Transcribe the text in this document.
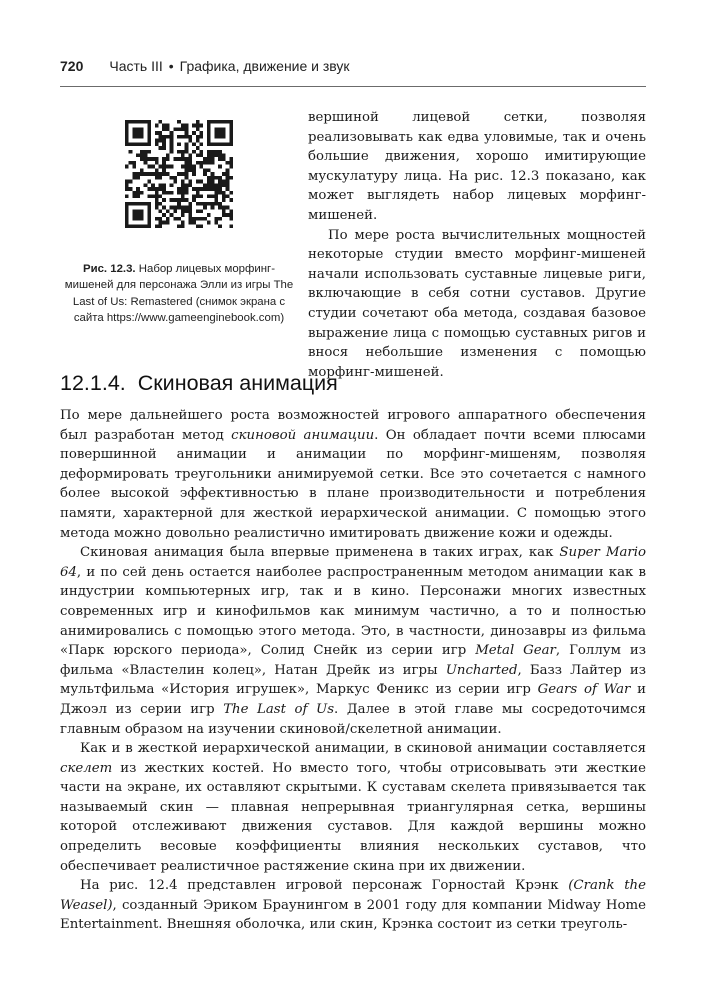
720 Часть III • Графика, движение и звук
Рис. 12.3. Набор лицевых морфинг-мишеней для персонажа Элли из игры The Last of Us: Remastered (снимок экрана с сайта https://www.gameenginebook.com)

вершиной лицевой сетки, позволяя реализовывать как едва уловимые, так и очень большие движения, хорошо имитирующие мускулатуру лица. На рис. 12.3 показано, как может выглядеть набор лицевых морфинг-мишеней.

По мере роста вычислительных мощностей некоторые студии вместо морфинг-мишеней начали использовать суставные лицевые риги, включающие в себя сотни суставов. Другие студии сочетают оба метода, создавая базовое выражение лица с помощью суставных ригов и внося небольшие изменения с помощью морфинг-мишеней.

12.1.4. Скиновая анимация

По мере дальнейшего роста возможностей игрового аппаратного обеспечения был разработан метод скиновой анимации. Он обладает почти всеми плюсами повершинной анимации и анимации по морфинг-мишеням, позволяя деформировать треугольники анимируемой сетки. Все это сочетается с намного более высокой эффективностью в плане производительности и потребления памяти, характерной для жесткой иерархической анимации. С помощью этого метода можно довольно реалистично имитировать движение кожи и одежды.

Скиновая анимация была впервые применена в таких играх, как Super Mario 64, и по сей день остается наиболее распространенным методом анимации как в индустрии компьютерных игр, так и в кино. Персонажи многих известных современных игр и кинофильмов как минимум частично, а то и полностью анимировались с помощью этого метода. Это, в частности, динозавры из фильма «Парк юрского периода», Солид Снейк из серии игр Metal Gear, Голлум из фильма «Властелин колец», Натан Дрейк из игры Uncharted, Базз Лайтер из мультфильма «История игрушек», Маркус Феникс из серии игр Gears of War и Джоэл из серии игр The Last of Us. Далее в этой главе мы сосредоточимся главным образом на изучении скиновой/скелетной анимации.

Как и в жесткой иерархической анимации, в скиновой анимации составляется скелет из жестких костей. Но вместо того, чтобы отрисовывать эти жесткие части на экране, их оставляют скрытыми. К суставам скелета привязывается так называемый скин — плавная непрерывная триангулярная сетка, вершины которой отслеживают движения суставов. Для каждой вершины можно определить весовые коэффициенты влияния нескольких суставов, что обеспечивает реалистичное растяжение скина при их движении.

На рис. 12.4 представлен игровой персонаж Горностай Крэнк (Crank the Weasel), созданный Эриком Браунингом в 2001 году для компании Midway Home Entertainment. Внешняя оболочка, или скин, Крэнка состоит из сетки треуголь-
